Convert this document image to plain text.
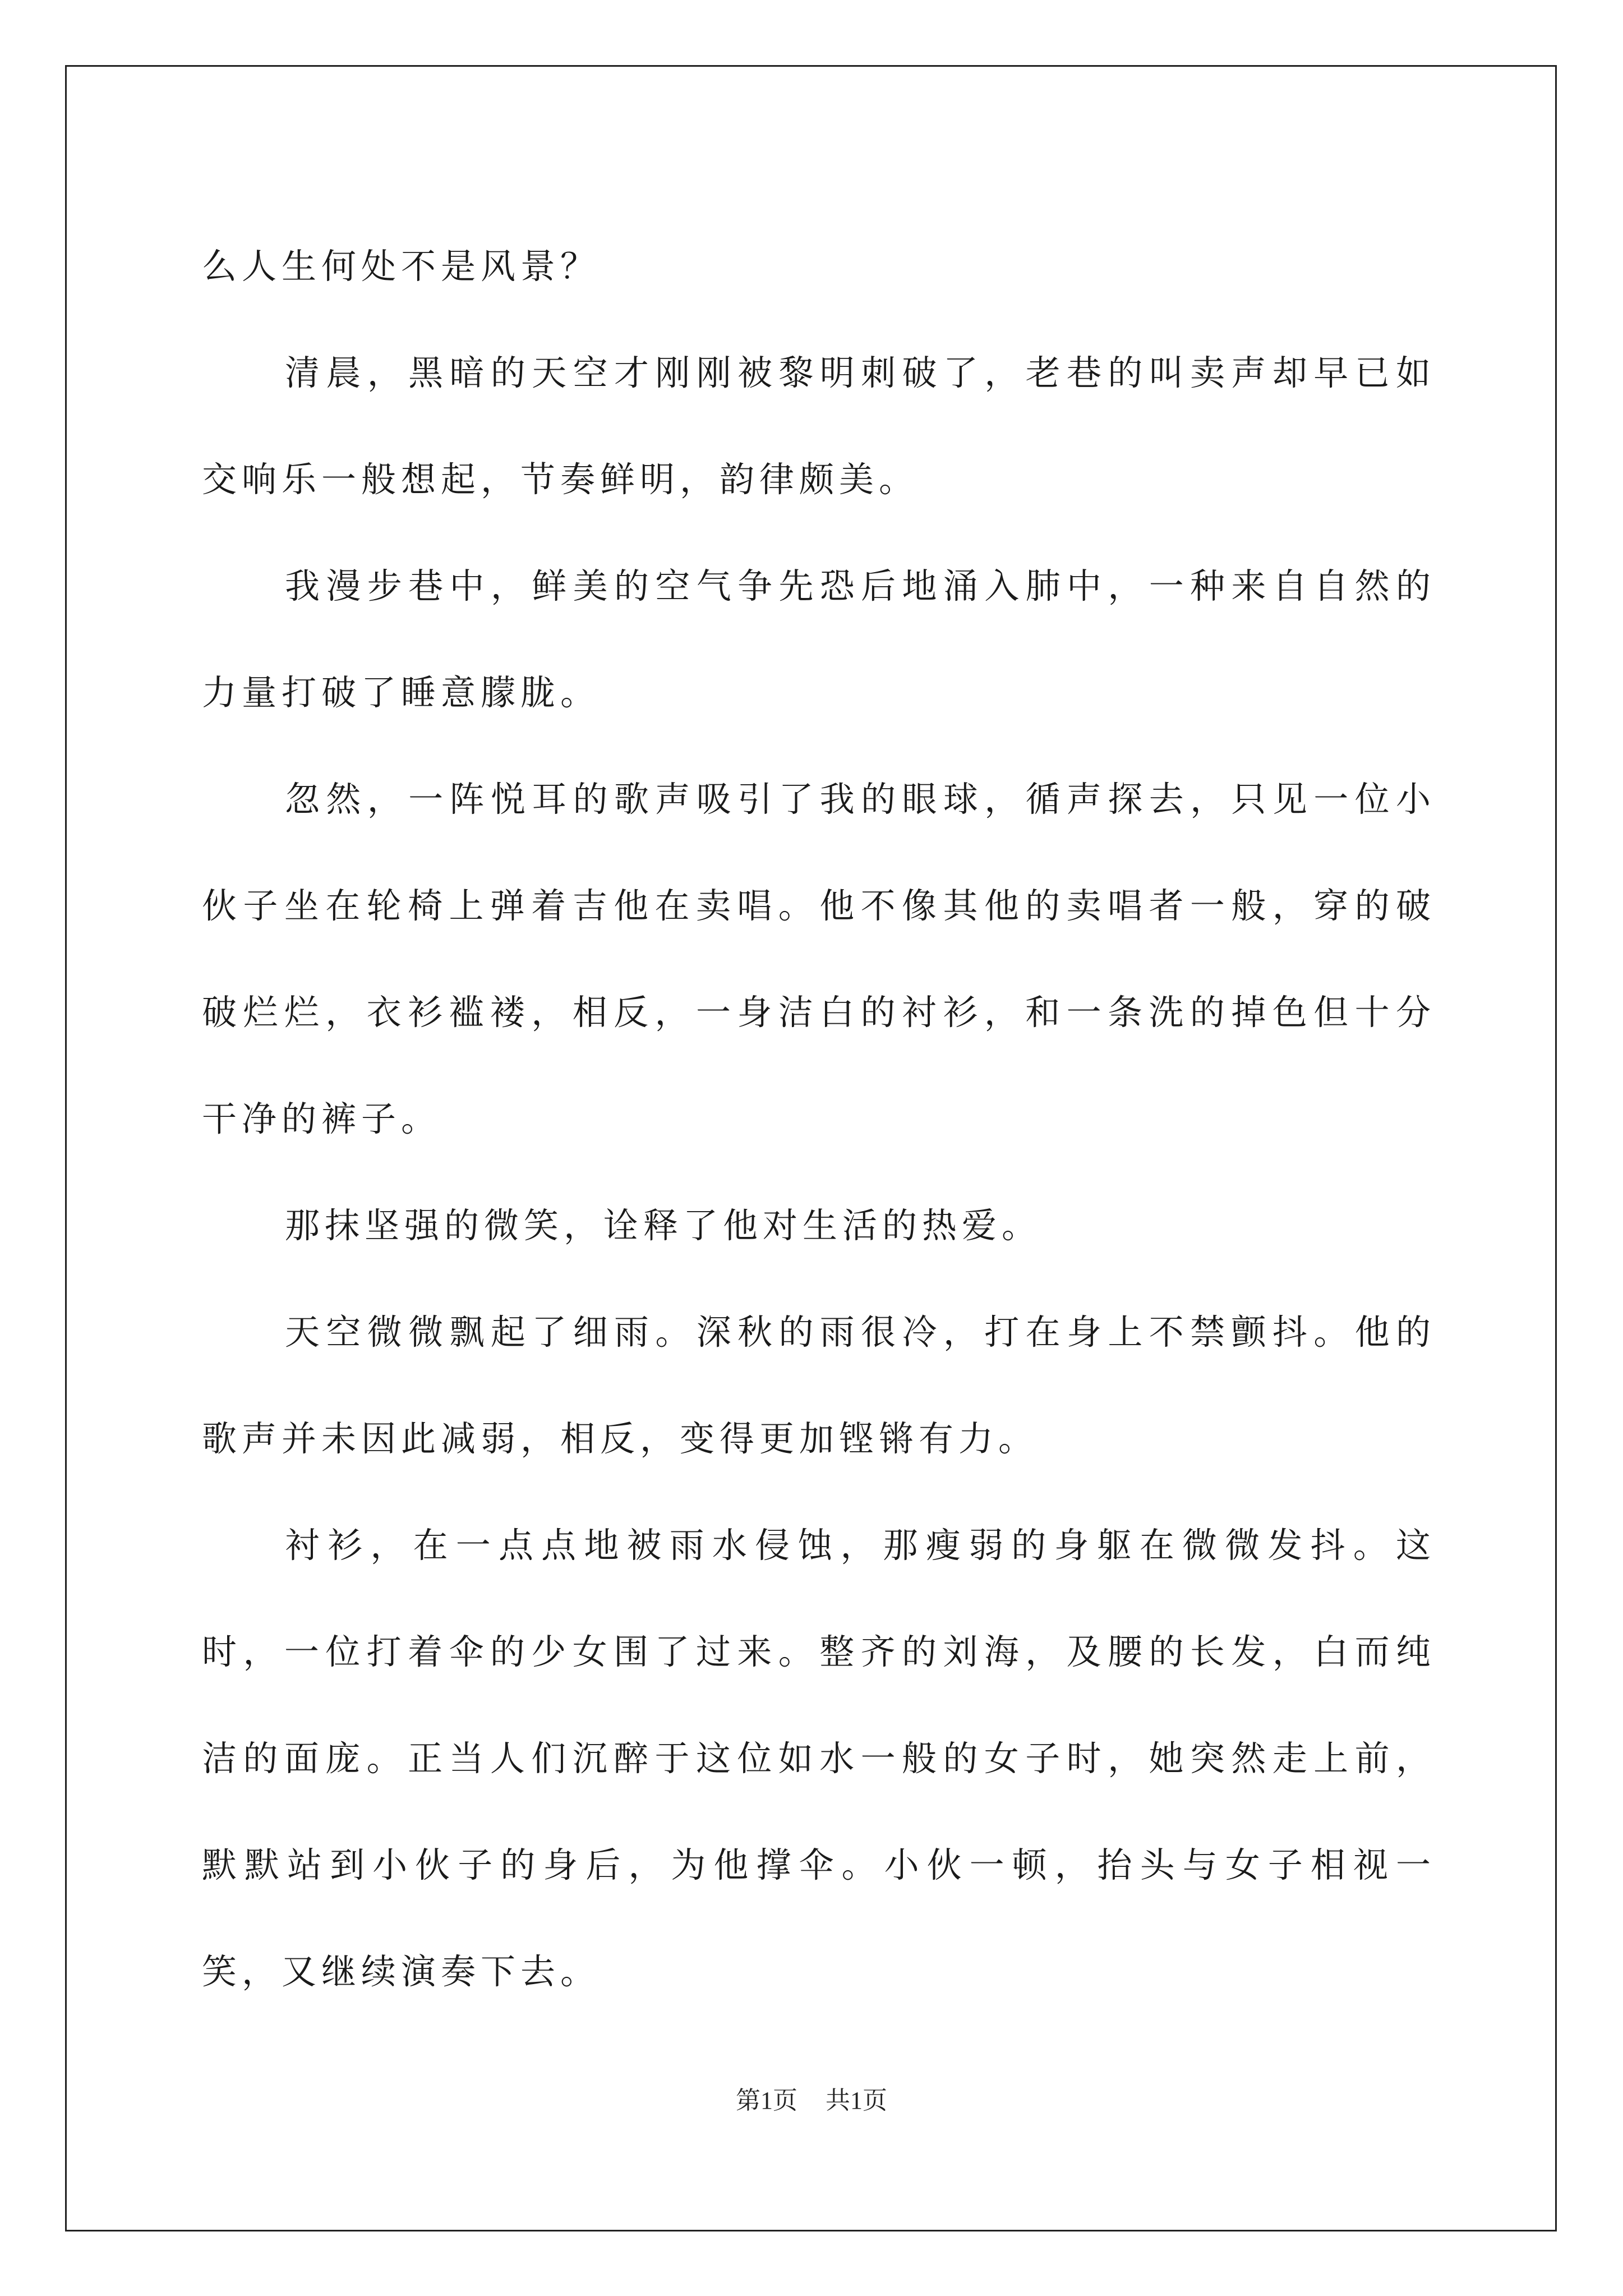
么人生何处不是风景？

清晨，黑暗的天空才刚刚被黎明刺破了，老巷的叫卖声却早已如交响乐一般想起，节奏鲜明，韵律颇美。

我漫步巷中，鲜美的空气争先恐后地涌入肺中，一种来自自然的力量打破了睡意朦胧。

忽然，一阵悦耳的歌声吸引了我的眼球，循声探去，只见一位小伙子坐在轮椅上弹着吉他在卖唱。他不像其他的卖唱者一般，穿的破破烂烂，衣衫褴褛，相反，一身洁白的衬衫，和一条洗的掉色但十分干净的裤子。

那抹坚强的微笑，诠释了他对生活的热爱。

天空微微飘起了细雨。深秋的雨很冷，打在身上不禁颤抖。他的歌声并未因此减弱，相反，变得更加铿锵有力。

衬衫，在一点点地被雨水侵蚀，那瘦弱的身躯在微微发抖。这时，一位打着伞的少女围了过来。整齐的刘海，及腰的长发，白而纯洁的面庞。正当人们沉醉于这位如水一般的女子时，她突然走上前，默默站到小伙子的身后，为他撑伞。小伙一顿，抬头与女子相视一笑，又继续演奏下去。

第1页 共1页
